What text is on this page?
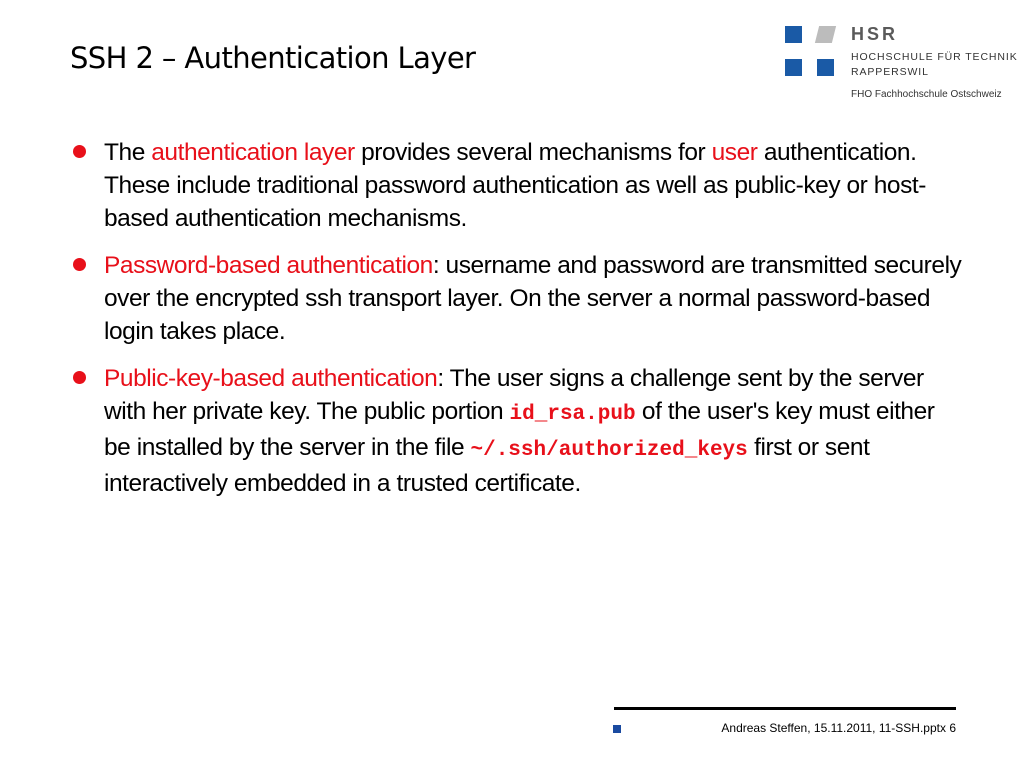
SSH 2 – Authentication Layer
HSR
HOCHSCHULE FÜR TECHNIK
RAPPERSWIL
FHO Fachhochschule Ostschweiz
The authentication layer provides several mechanisms for user authentication. These include traditional password authentication as well as public-key or host-based authentication mechanisms.
Password-based authentication: username and password are transmitted securely over the encrypted ssh transport layer. On the server a normal password-based login takes place.
Public-key-based authentication: The user signs a challenge sent by the server with her private key. The public portion id_rsa.pub of the user's key must either be installed by the server in the file ~/.ssh/authorized_keys first or sent interactively embedded in a trusted certificate.
Andreas Steffen, 15.11.2011, 11-SSH.pptx 6
